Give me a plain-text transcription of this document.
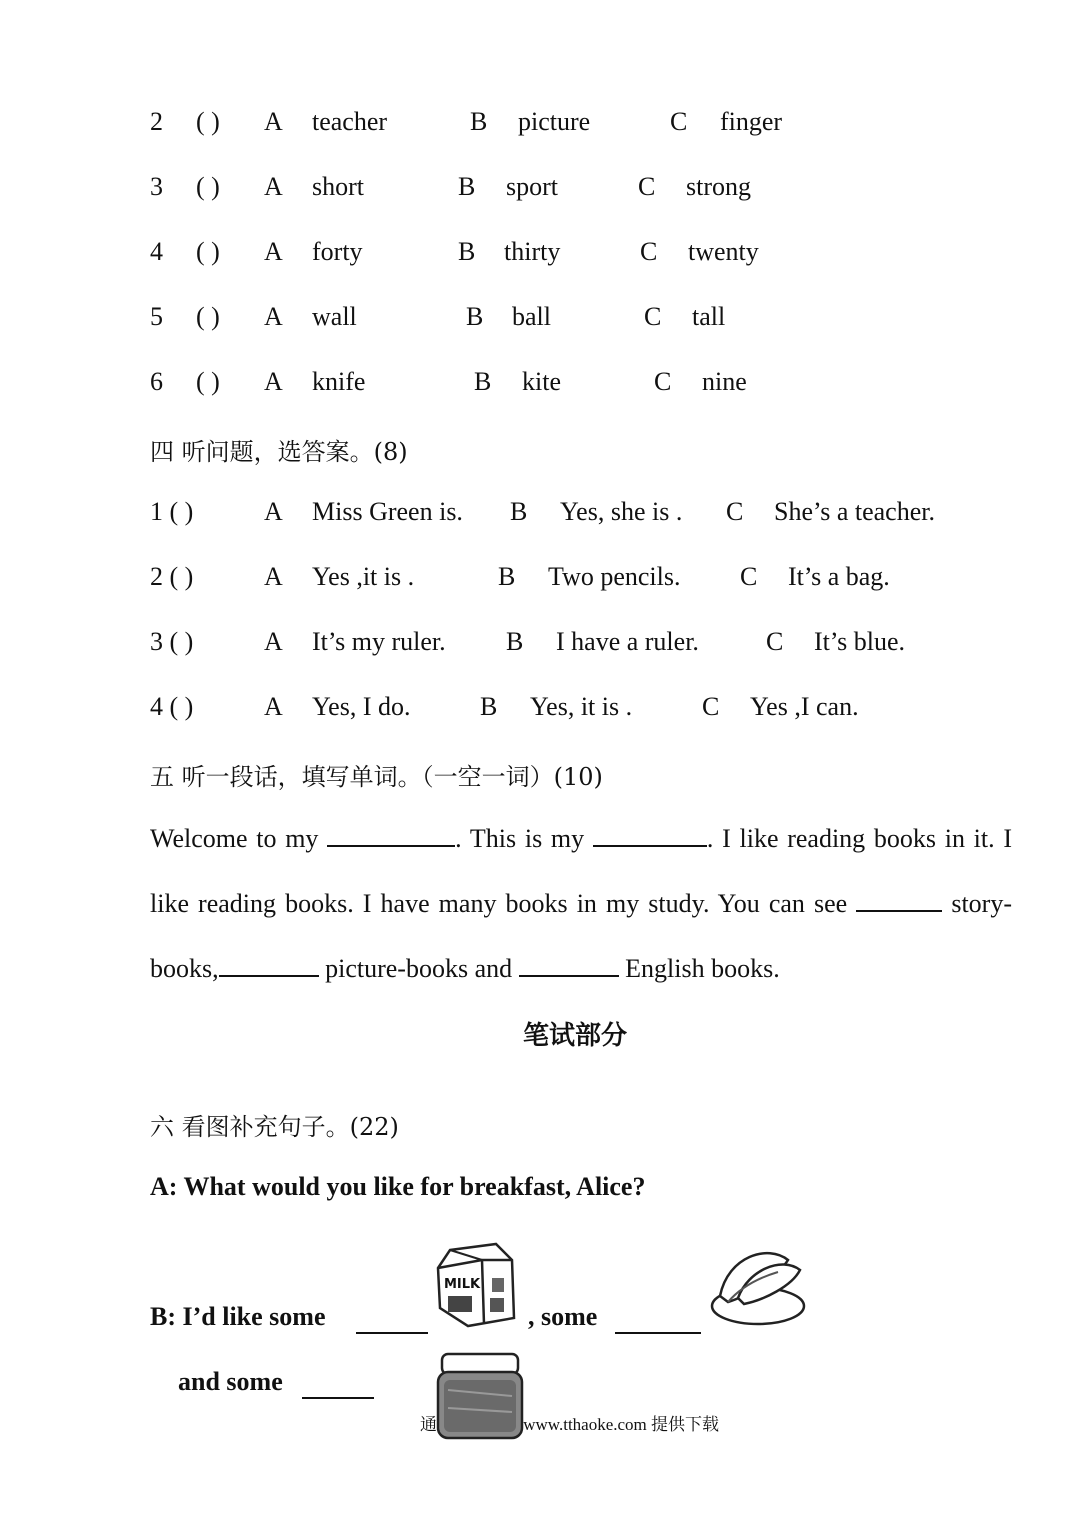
2 ( ) A teacher	B picture	C finger
3 ( ) A short	B sport	C strong
4 ( ) A forty	B thirty	C twenty
5 ( ) A wall	B ball	C tall
6 ( ) A knife	B kite	C nine
四 听问题，选答案。(8)
1 ( )	A Miss Green is. B Yes, she is . C She’s a teacher.
2 ( )	A Yes ,it is .	B Two pencils. C It’s a bag.
3 ( )	A It’s my ruler. B I have a ruler.	C It’s blue.
4 ( )	A Yes, I do.	B Yes, it is .	C Yes ,I can.
五 听一段话，填写单词。（一空一词）(10)
Welcome to my	. This is my	. I like reading books in it. I like reading books. I have many books in my study. You can see	story-books,	picture-books and	English books.
笔试部分
六 看图补充句子。(22)
A: What would you like for breakfast, Alice?
B: I’d like some	, some
and some
MILK
通	www.tthaoke.com 提供下载
